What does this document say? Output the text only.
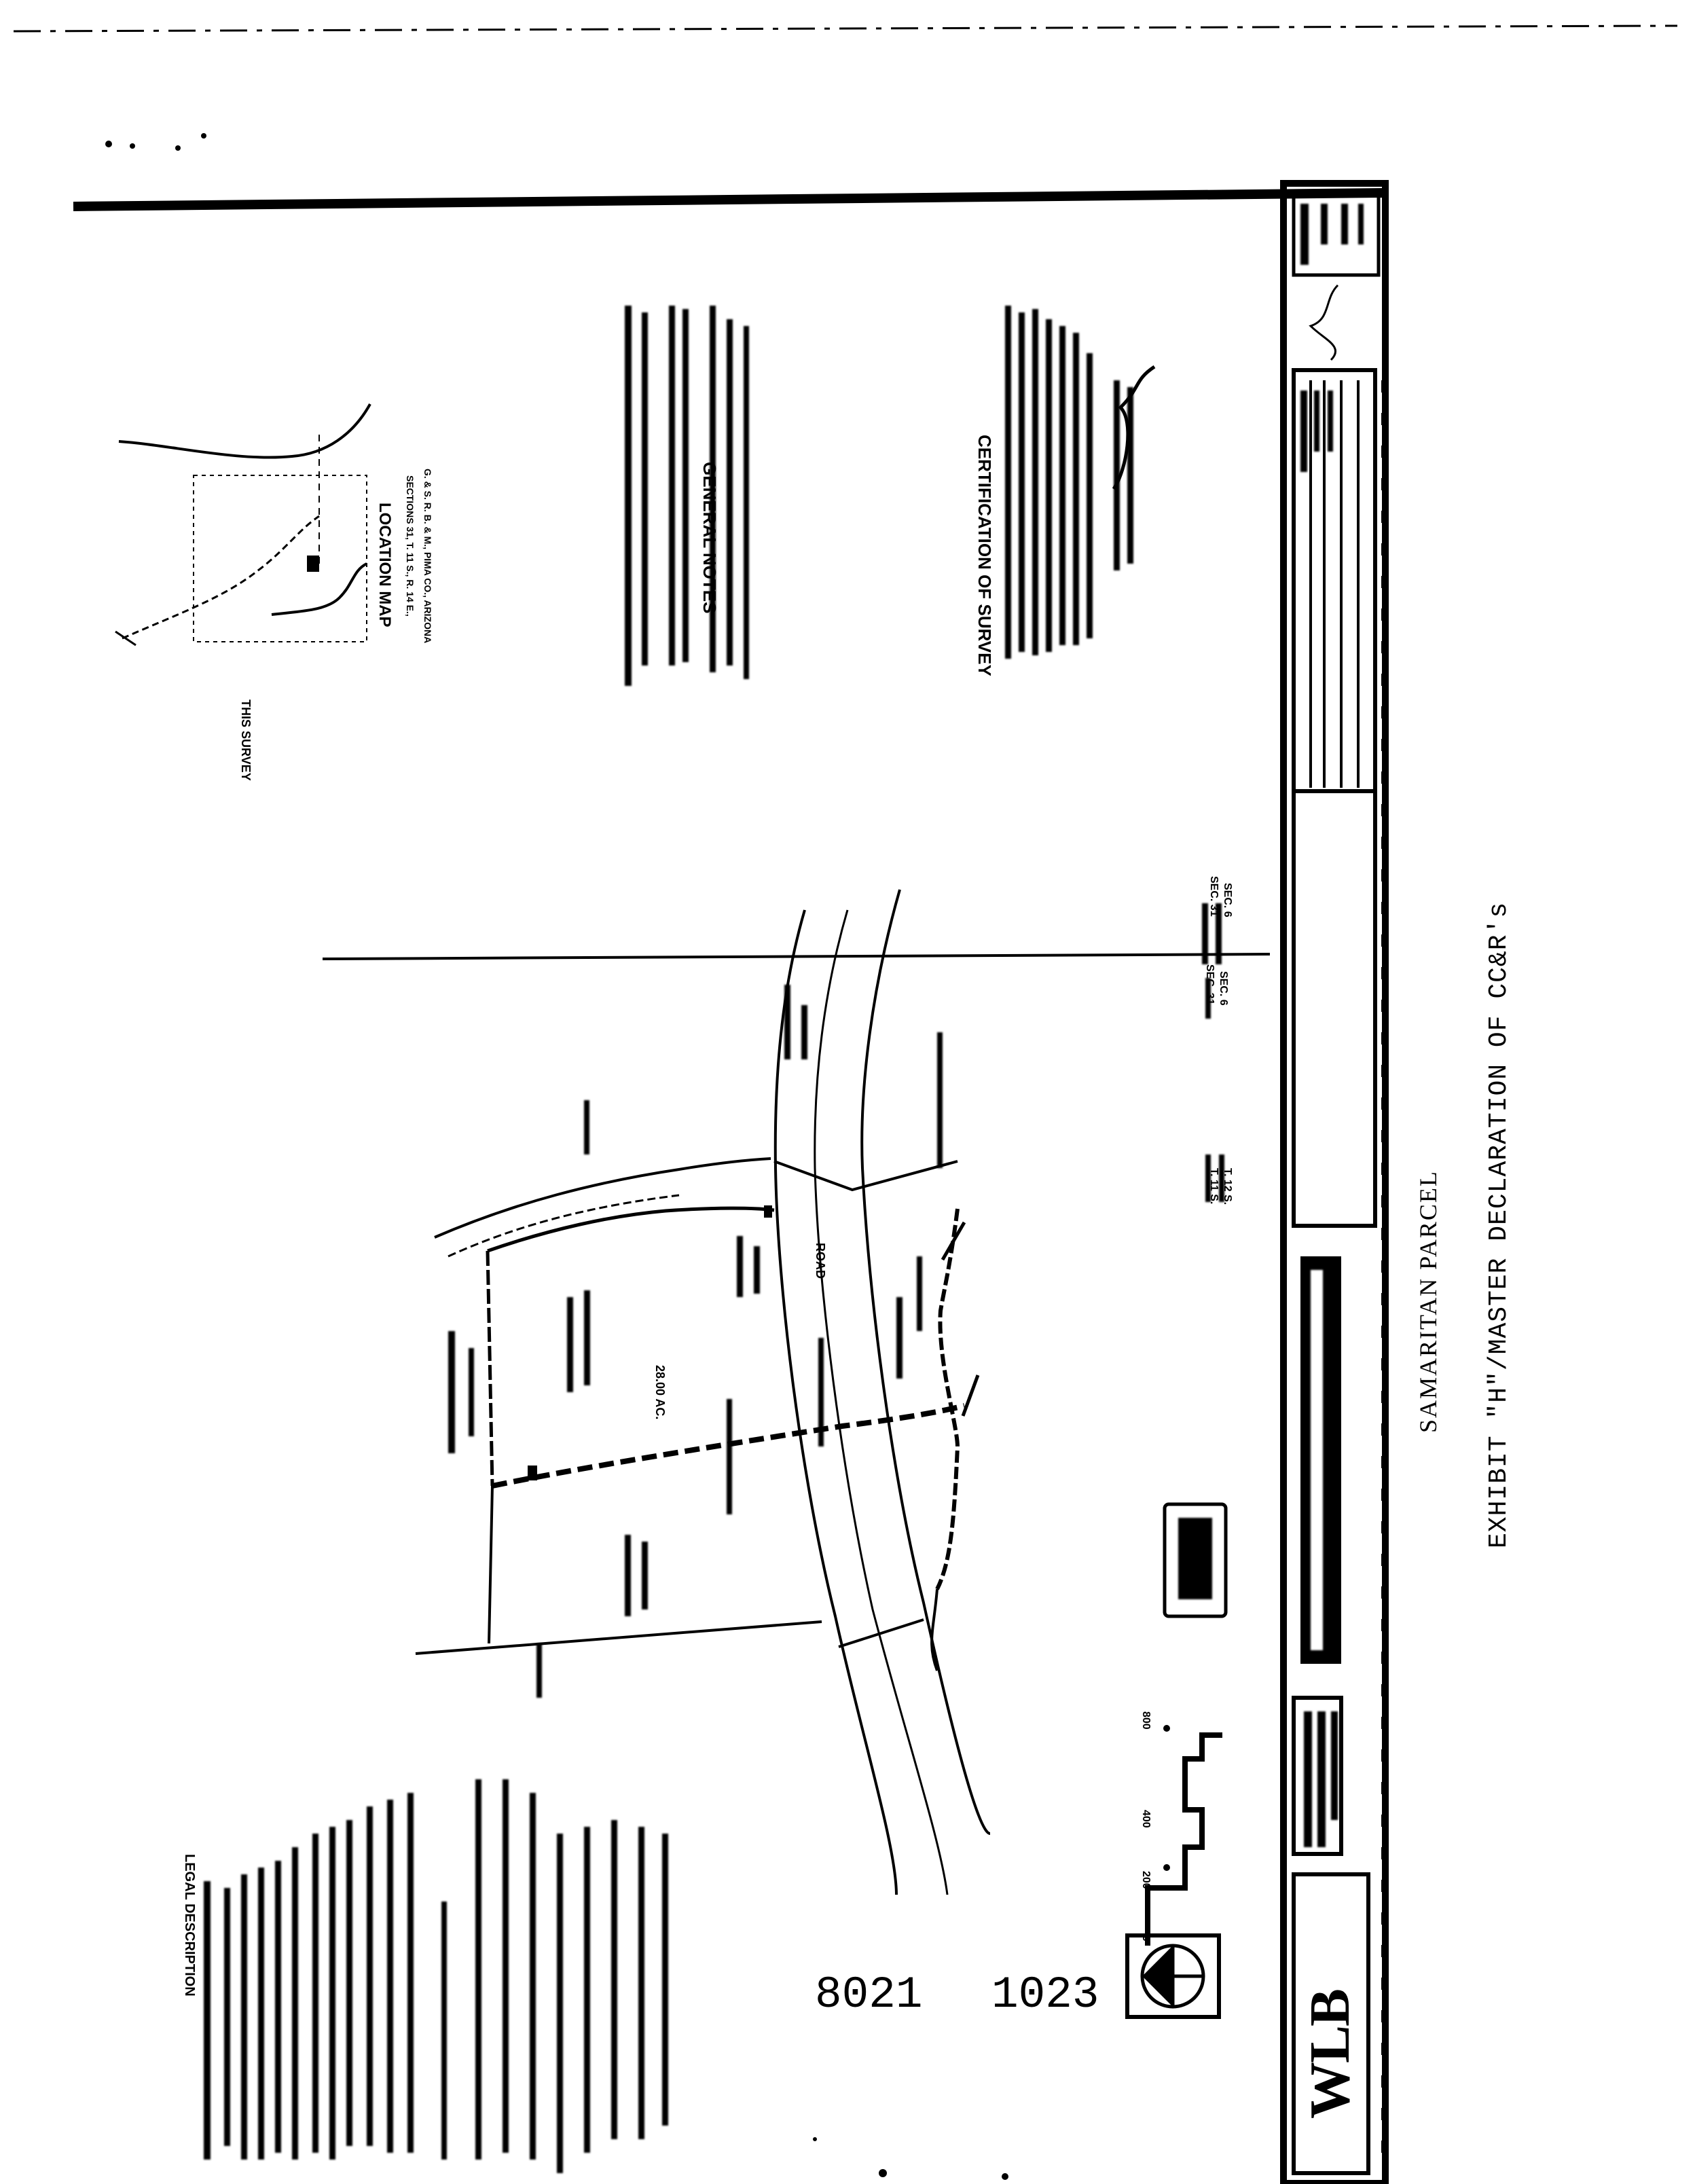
GENERAL NOTES	CERTIFICATION OF SURVEY
LOCATION MAP SECTIONS 31, T. 11 S., R. 14 E., G. & S. R. B. & M., PIMA CO., ARIZONA
THIS SURVEY
LEGAL DESCRIPTION
28.00 AC.
ROAD
SEC. 31 SEC. 6
SEC. 31 SEC. 6
T. 11 S. T. 12 S.
0
200
400
800
SAMARITAN PARCEL EXHIBIT "H"/MASTER DECLARATION OF CC&R's
WLB
8021 1023
